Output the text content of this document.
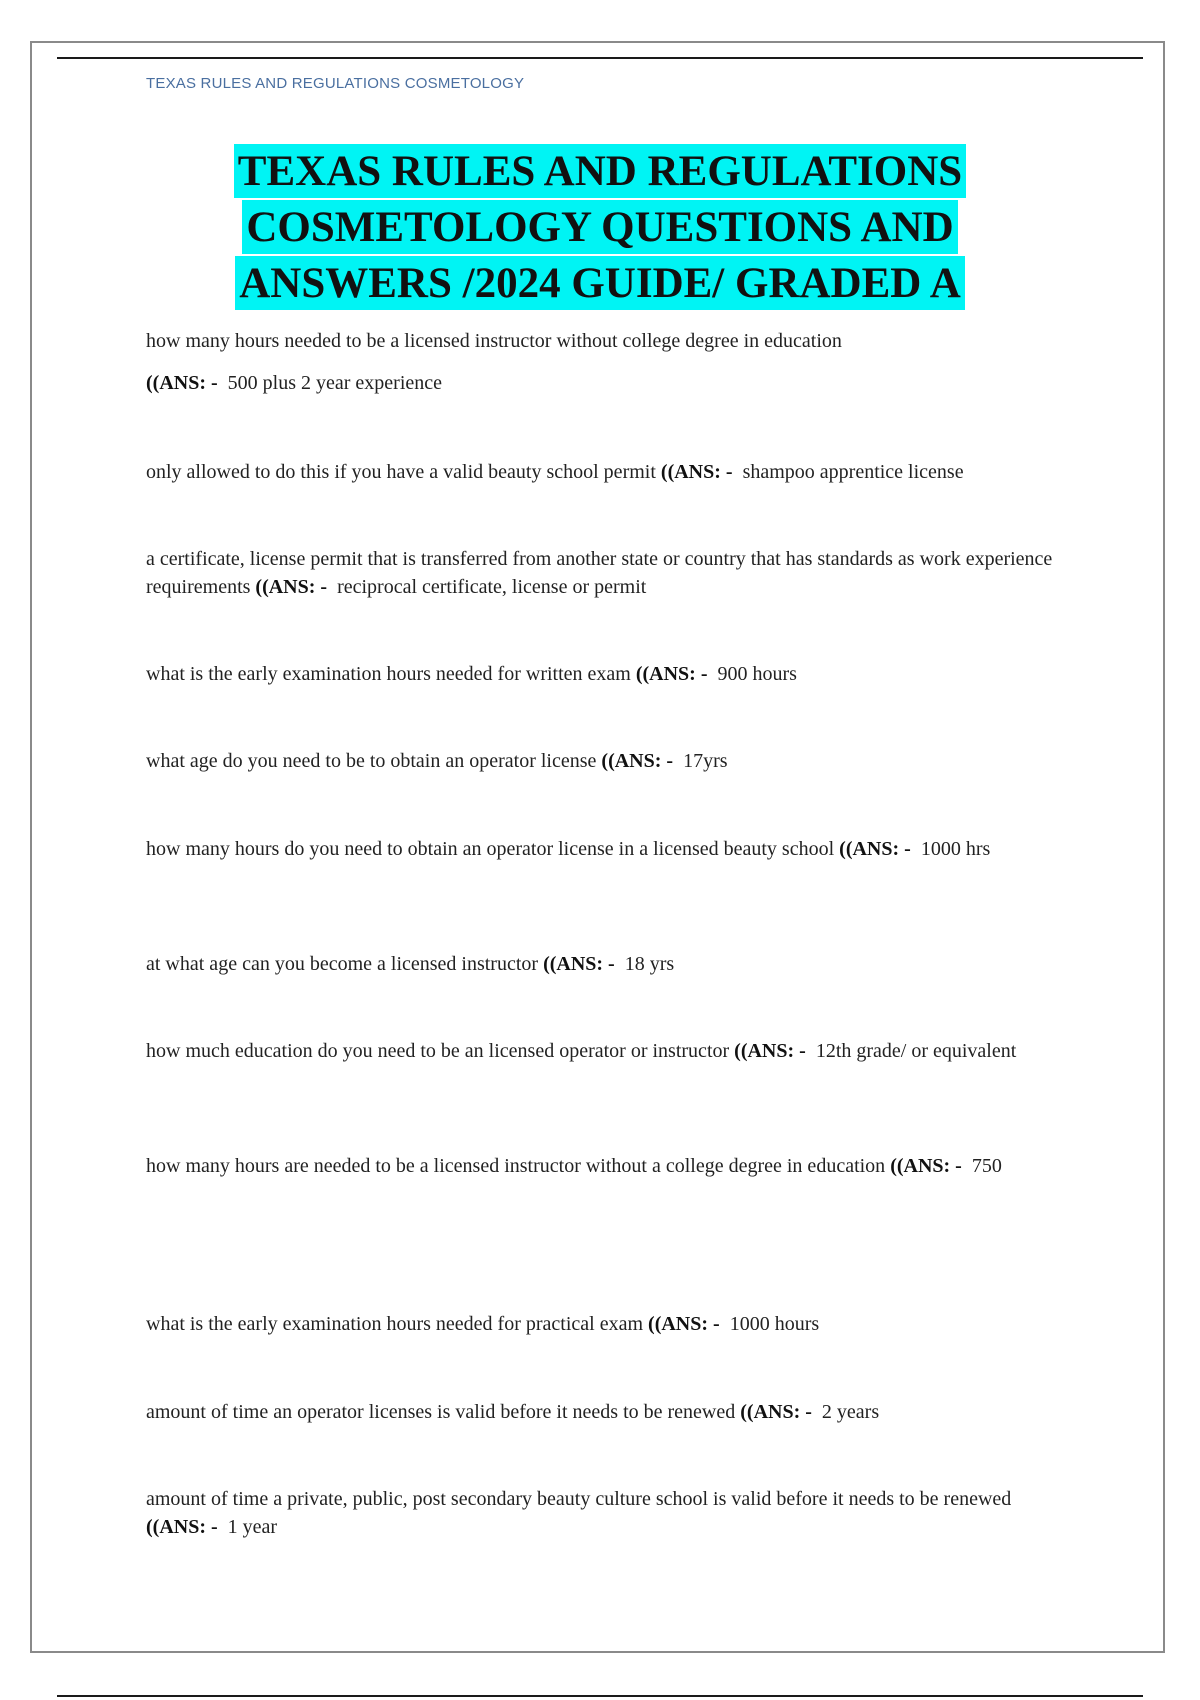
TEXAS RULES AND REGULATIONS COSMETOLOGY
TEXAS RULES AND REGULATIONS
COSMETOLOGY QUESTIONS AND
ANSWERS /2024 GUIDE/ GRADED A
how many hours needed to be a licensed instructor without college degree in education
((ANS: - 500 plus 2 year experience
only allowed to do this if you have a valid beauty school permit ((ANS: - shampoo apprentice license
a certificate, license permit that is transferred from another state or country that has standards as work experience requirements ((ANS: - reciprocal certificate, license or permit
what is the early examination hours needed for written exam ((ANS: - 900 hours
what age do you need to be to obtain an operator license ((ANS: - 17yrs
how many hours do you need to obtain an operator license in a licensed beauty school ((ANS: - 1000 hrs
at what age can you become a licensed instructor ((ANS: - 18 yrs
how much education do you need to be an licensed operator or instructor ((ANS: - 12th grade/ or equivalent
how many hours are needed to be a licensed instructor without a college degree in education ((ANS: - 750
what is the early examination hours needed for practical exam ((ANS: - 1000 hours
amount of time an operator licenses is valid before it needs to be renewed ((ANS: - 2 years
amount of time a private, public, post secondary beauty culture school is valid before it needs to be renewed((ANS: - 1 year
